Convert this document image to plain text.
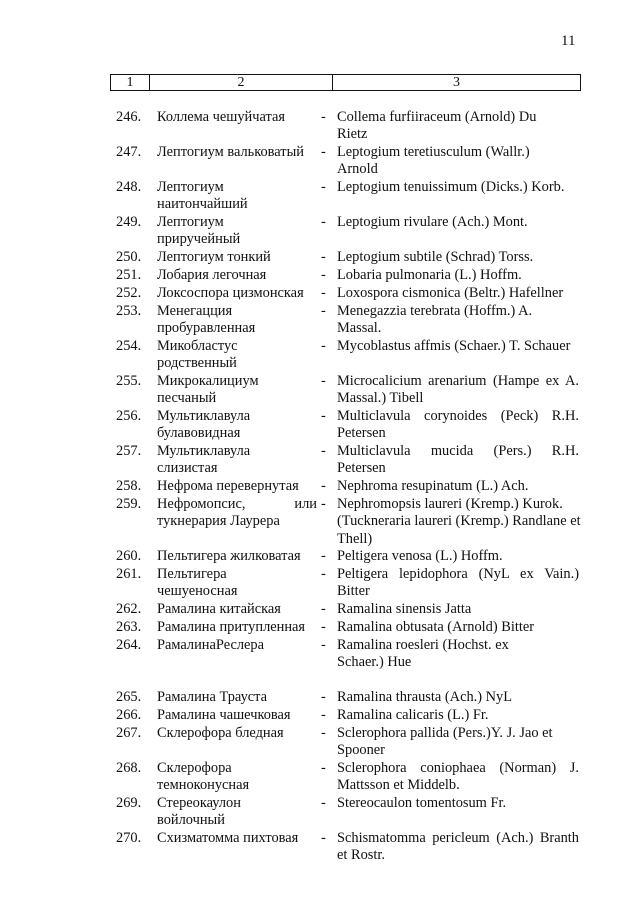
11
1	2	3
246. Коллема чешуйчатая	- Collema furfiiraceum (Arnold) Du Rietz
247. Лептогиум вальковатый	- Leptogium teretiusculum (Wallr.) Arnold
248. Лептогиум наитончайший
- Leptogium tenuissimum (Dicks.) Korb.
249. Лептогиум приручейный
- Leptogium rivulare (Ach.) Mont.
250. Лептогиум тонкий	- Leptogium subtile (Schrad) Torss.
251. Лобария легочная	- Lobaria pulmonaria (L.) Hoffm.
252. Локсоспора цизмонская	- Loxospora cismonica (Beltr.) Hafellner
253. Менегацция пробуравленная
- Menegazzia terebrata (Hoffm.) A. Massal.
254. Микобластус родственный
- Mycoblastus affmis (Schaer.) T. Schauer
255. Микрокалициум песчаный
- Microcalicium arenarium (Hampe ex A. Massal.) Tibell
256. Мультиклавула булавовидная
- Multiclavula corynoides (Peck) R.H. Petersen
257. Мультиклавула слизистая
- Multiclavula mucida (Pers.) R.H. Petersen
258. Нефрома перевернутая	- Nephroma resupinatum (L.) Ach.
259. Нефромопсис, или тукнерария Лаурера
- Nephromopsis laureri (Kremp.) Kurok. (Tuckneraria laureri (Kremp.) Randlane et Thell)
260. Пельтигера жилковатая	- Peltigera venosa (L.) Hoffm.
261. Пельтигера чешуеносная
- Peltigera lepidophora (NyL ex Vain.) Bitter
262. Рамалина китайская	- Ramalina sinensis Jatta
263. Рамалина притупленная	- Ramalina obtusata (Arnold) Bitter
264. РамалинаРеслера	- Ramalina roesleri (Hochst. ex Schaer.) Hue
265. Рамалина Трауста	- Ramalina thrausta (Ach.) NyL
266. Рамалина чашечковая	- Ramalina calicaris (L.) Fr.
267. Склерофора бледная	- Sclerophora pallida (Pers.)Y. J. Jao et Spooner
268. Склерофора темноконусная
- Sclerophora coniophaea (Norman) J. Mattsson et Middelb.
269. Стереокаулон войлочный
- Stereocaulon tomentosum Fr.
270. Схизматомма пихтовая	- Schismatomma pericleum (Ach.) Branth et Rostr.
